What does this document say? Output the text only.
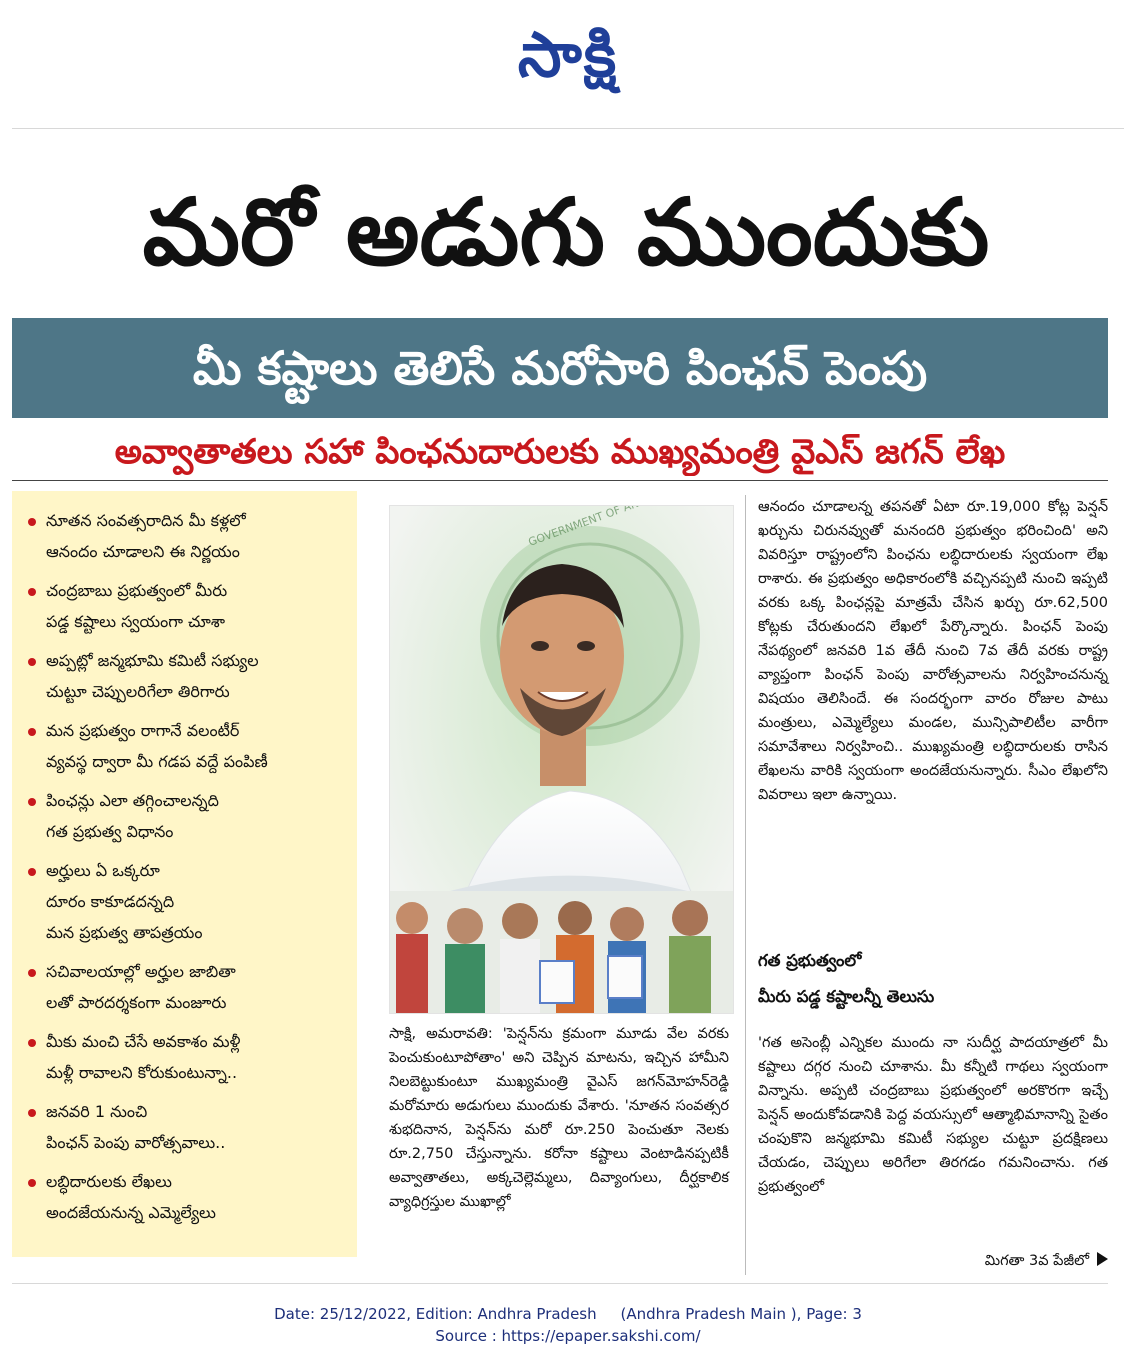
సాక్షి
మరో అడుగు ముందుకు
మీ కష్టాలు తెలిసే మరోసారి పింఛన్ పెంపు
అవ్వాతాతలు సహా పింఛనుదారులకు ముఖ్యమంత్రి వైఎస్ జగన్ లేఖ
నూతన సంవత్సరాదిన మీ కళ్లలో
ఆనందం చూడాలని ఈ నిర్ణయం
చంద్రబాబు ప్రభుత్వంలో మీరు
పడ్డ కష్టాలు స్వయంగా చూశా
అప్పట్లో జన్మభూమి కమిటీ సభ్యుల
చుట్టూ చెప్పులరిగేలా తిరిగారు
మన ప్రభుత్వం రాగానే వలంటీర్
వ్యవస్థ ద్వారా మీ గడప వద్దే పంపిణీ
పింఛన్లు ఎలా తగ్గించాలన్నది
గత ప్రభుత్వ విధానం
అర్హులు ఏ ఒక్కరూ
దూరం కాకూడదన్నది
మన ప్రభుత్వ తాపత్రయం
సచివాలయాల్లో అర్హుల జాబితా
లతో పారదర్శకంగా మంజూరు
మీకు మంచి చేసే అవకాశం మళ్లీ
మళ్లీ రావాలని కోరుకుంటున్నా..
జనవరి 1 నుంచి
పింఛన్ పెంపు వారోత్సవాలు..
లబ్ధిదారులకు లేఖలు
అందజేయనున్న ఎమ్మెల్యేలు
సాక్షి, అమరావతి: 'పెన్షన్‌ను క్రమంగా మూడు వేల వరకు పెంచుకుంటూపోతాం' అని చెప్పిన మాటను, ఇచ్చిన హామీని నిలబెట్టుకుంటూ ముఖ్యమంత్రి వైఎస్ జగన్‌మోహన్‌రెడ్డి మరోమారు అడుగులు ముందుకు వేశారు. 'నూతన సంవత్సర శుభదినాన, పెన్షన్‌ను మరో రూ.250 పెంచుతూ నెలకు రూ.2,750 చేస్తున్నాను. కరోనా కష్టాలు వెంటాడినప్పటికీ అవ్వాతాతలు, అక్కచెల్లెమ్మలు, దివ్యాంగులు, దీర్ఘకాలిక వ్యాధిగ్రస్తుల ముఖాల్లో
ఆనందం చూడాలన్న తపనతో ఏటా రూ.19,000 కోట్ల పెన్షన్ ఖర్చును చిరునవ్వుతో మనందరి ప్రభుత్వం భరించింది' అని వివరిస్తూ రాష్ట్రంలోని పింఛను లబ్ధిదారులకు స్వయంగా లేఖ రాశారు. ఈ ప్రభుత్వం అధికారంలోకి వచ్చినప్పటి నుంచి ఇప్పటి వరకు ఒక్క పింఛన్లపై మాత్రమే చేసిన ఖర్చు రూ.62,500 కోట్లకు చేరుతుందని లేఖలో పేర్కొన్నారు. పింఛన్ పెంపు నేపథ్యంలో జనవరి 1వ తేదీ నుంచి 7వ తేదీ వరకు రాష్ట్ర వ్యాప్తంగా పింఛన్ పెంపు వారోత్సవాలను నిర్వహించనున్న విషయం తెలిసిందే. ఈ సందర్భంగా వారం రోజుల పాటు మంత్రులు, ఎమ్మెల్యేలు మండల, మున్సిపాలిటీల వారీగా సమావేశాలు నిర్వహించి.. ముఖ్యమంత్రి లబ్ధిదారులకు రాసిన లేఖలను వారికి స్వయంగా అందజేయనున్నారు. సీఎం లేఖలోని వివరాలు ఇలా ఉన్నాయి.
గత ప్రభుత్వంలో
మీరు పడ్డ కష్టాలన్నీ తెలుసు
'గత అసెంబ్లీ ఎన్నికల ముందు నా సుదీర్ఘ పాదయాత్రలో మీ కష్టాలు దగ్గర నుంచి చూశాను. మీ కన్నీటి గాథలు స్వయంగా విన్నాను. అప్పటి చంద్రబాబు ప్రభుత్వంలో అరకొరగా ఇచ్చే పెన్షన్ అందుకోవడానికి పెద్ద వయస్సులో ఆత్మాభిమానాన్ని సైతం చంపుకొని జన్మభూమి కమిటీ సభ్యుల చుట్టూ ప్రదక్షిణలు చేయడం, చెప్పులు అరిగేలా తిరగడం గమనించాను. గత ప్రభుత్వంలో
మిగతా 3వ పేజీలో
Date: 25/12/2022, Edition: Andhra Pradesh     (Andhra Pradesh Main ), Page: 3
Source : https://epaper.sakshi.com/
